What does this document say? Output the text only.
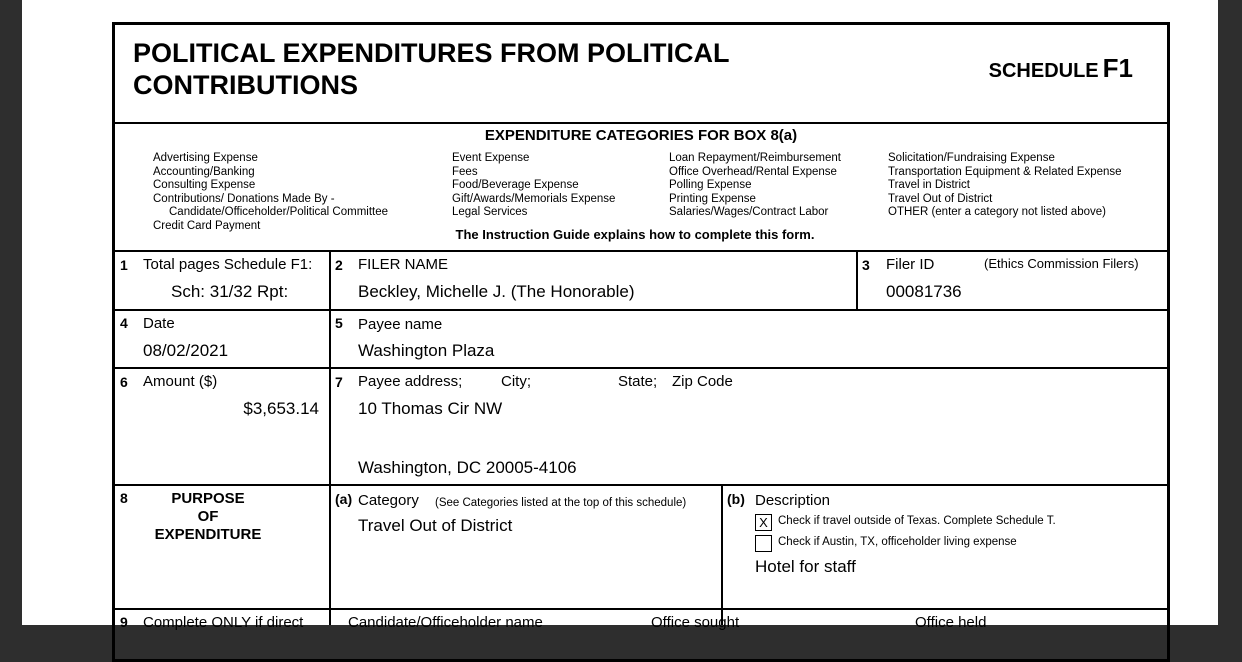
POLITICAL EXPENDITURES FROM POLITICAL CONTRIBUTIONS	SCHEDULE F1
EXPENDITURE CATEGORIES FOR BOX 8(a)
Advertising Expense
Accounting/Banking
Consulting Expense
Contributions/ Donations Made By -
Candidate/Officeholder/Political Committee
Credit Card Payment
Event Expense
Fees
Food/Beverage Expense
Gift/Awards/Memorials Expense
Legal Services
Loan Repayment/Reimbursement
Office Overhead/Rental Expense
Polling Expense
Printing Expense
Salaries/Wages/Contract Labor
Solicitation/Fundraising Expense
Transportation Equipment & Related Expense
Travel in District
Travel Out of District
OTHER (enter a category not listed above)
The Instruction Guide explains how to complete this form.
1 Total pages Schedule F1:
Sch: 31/32 Rpt:
2 FILER NAME
Beckley, Michelle J. (The Honorable)
3 Filer ID	(Ethics Commission Filers)
00081736
4 Date
08/02/2021
5 Payee name
Washington Plaza
6 Amount ($)
$3,653.14
7 Payee address;	City;	State; Zip Code
10 Thomas Cir NW
Washington, DC 20005-4106
8	PURPOSE
OF
EXPENDITURE
(a) Category (See Categories listed at the top of this schedule)
Travel Out of District
(b) Description
X Check if travel outside of Texas. Complete Schedule T.
Check if Austin, TX, officeholder living expense
Hotel for staff
9 Complete ONLY if direct	Candidate/Officeholder name	Office sought	Office held
